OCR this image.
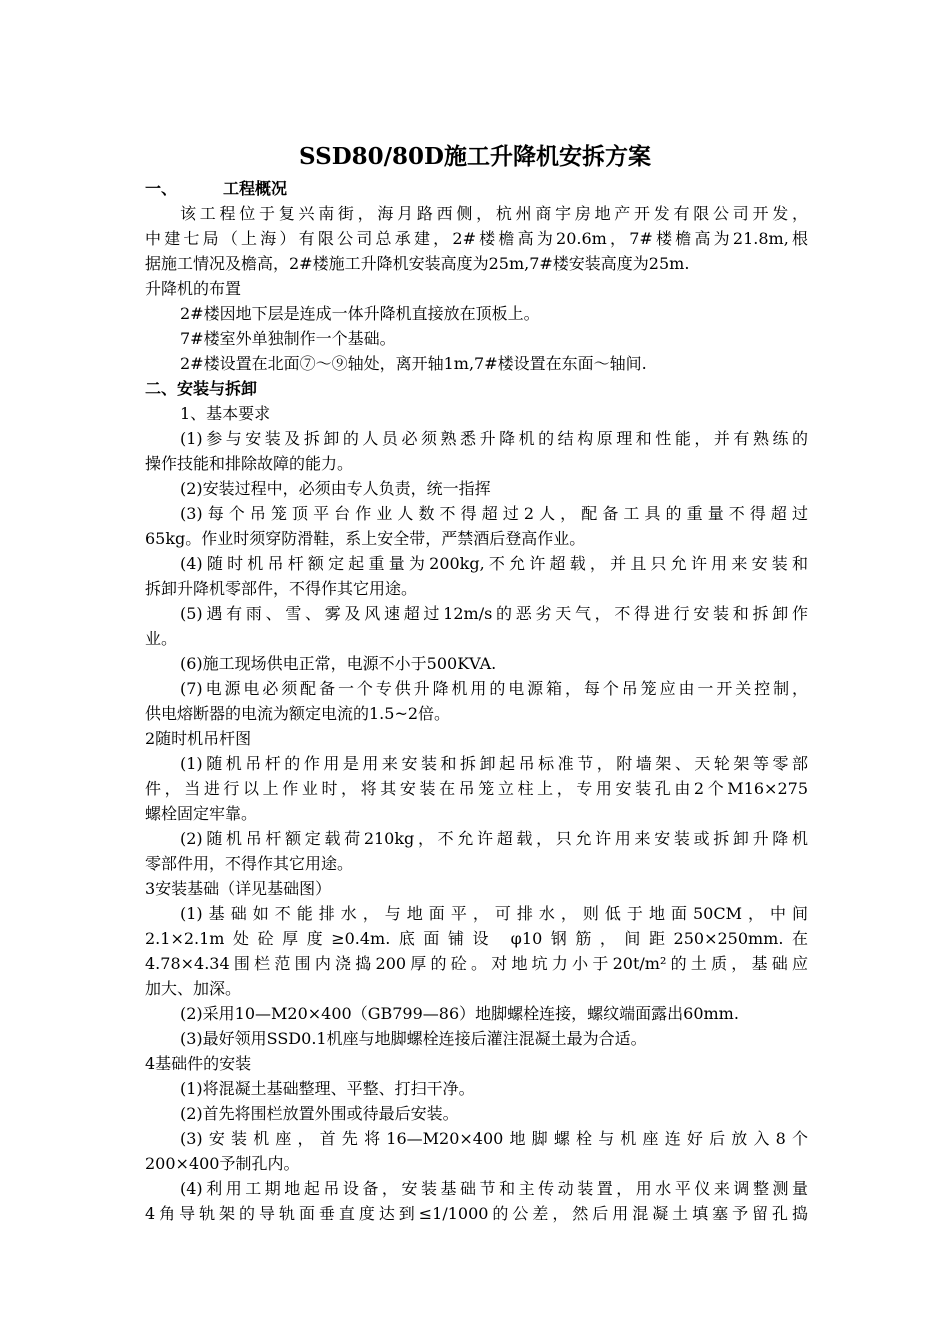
SSD80/80D施工升降机安拆方案
一、	工程概况
该工程位于复兴南街，海月路西侧，杭州商宇房地产开发有限公司开发，
中建七局（上海）有限公司总承建，2#楼檐高为20.6m，7#楼檐高为21.8m,根
据施工情况及檐高，2#楼施工升降机安装高度为25m,7#楼安装高度为25m.
升降机的布置
2#楼因地下层是连成一体升降机直接放在顶板上。
7#楼室外单独制作一个基础。
2#楼设置在北面⑦～⑨轴处，离开轴1m,7#楼设置在东面～轴间.
二、安装与拆卸
1、基本要求
(1)参与安装及拆卸的人员必须熟悉升降机的结构原理和性能，并有熟练的
操作技能和排除故障的能力。
(2)安装过程中，必须由专人负责，统一指挥
(3)每个吊笼顶平台作业人数不得超过2人，配备工具的重量不得超过
65kg。作业时须穿防滑鞋，系上安全带，严禁酒后登高作业。
(4)随时机吊杆额定起重量为200kg,不允许超载，并且只允许用来安装和
拆卸升降机零部件，不得作其它用途。
(5)遇有雨、雪、雾及风速超过12m/s的恶劣天气，不得进行安装和拆卸作
业。
(6)施工现场供电正常，电源不小于500KVA.
(7)电源电必须配备一个专供升降机用的电源箱，每个吊笼应由一开关控制，
供电熔断器的电流为额定电流的1.5~2倍。
2随时机吊杆图
(1)随机吊杆的作用是用来安装和拆卸起吊标准节，附墙架、天轮架等零部
件，当进行以上作业时，将其安装在吊笼立柱上，专用安装孔由2个M16×275
螺栓固定牢靠。
(2)随机吊杆额定载荷210kg，不允许超载，只允许用来安装或拆卸升降机
零部件用，不得作其它用途。
3安装基础（详见基础图）
(1)基础如不能排水，与地面平，可排水，则低于地面50CM，中间
2.1×2.1m处砼厚度≥0.4m.底面铺设 φ10钢筋，间距250×250mm.在
4.78×4.34围栏范围内浇捣200厚的砼。对地坑力小于20t/m²的土质，基础应
加大、加深。
(2)采用10—M20×400（GB799—86）地脚螺栓连接，螺纹端面露出60mm.
(3)最好领用SSD0.1机座与地脚螺栓连接后灌注混凝土最为合适。
4基础件的安装
(1)将混凝土基础整理、平整、打扫干净。
(2)首先将围栏放置外围或待最后安装。
(3)安装机座，首先将16—M20×400地脚螺栓与机座连好后放入8个
200×400予制孔内。
(4)利用工期地起吊设备，安装基础节和主传动装置，用水平仪来调整测量
4角导轨架的导轨面垂直度达到≤1/1000的公差，然后用混凝土填塞予留孔捣
